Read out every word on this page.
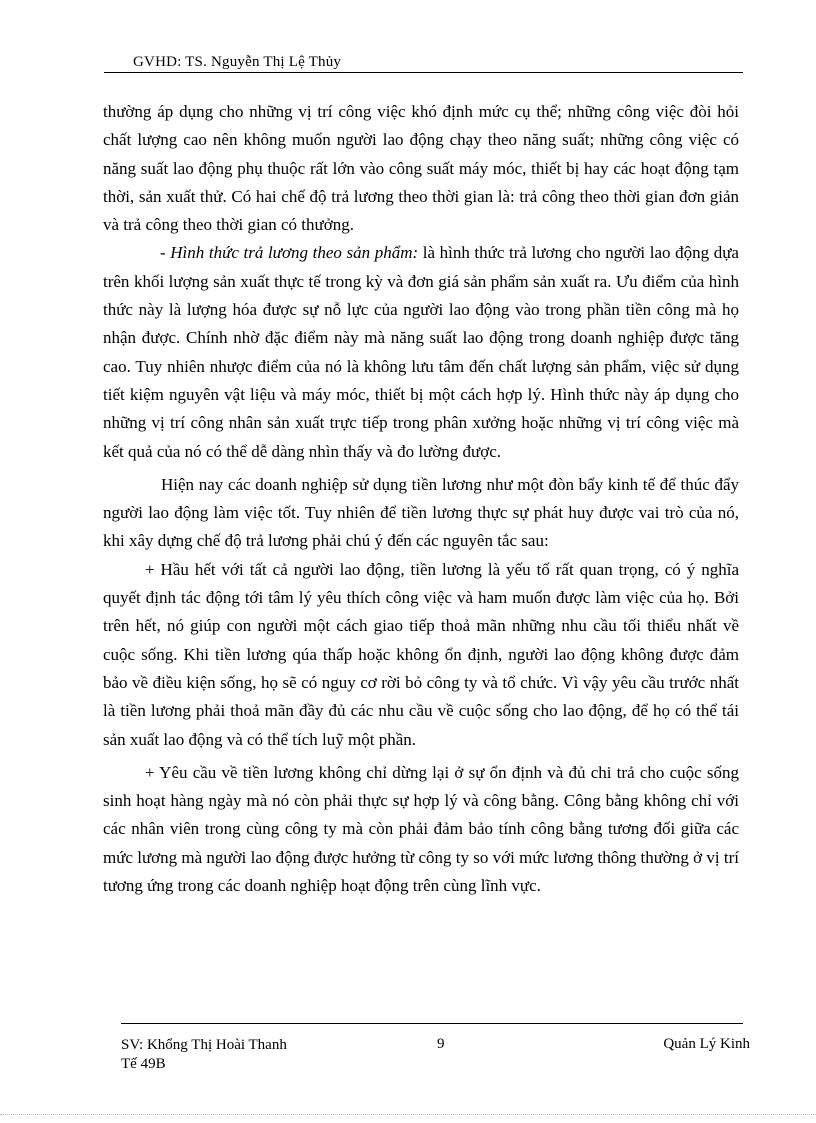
GVHD: TS. Nguyễn Thị Lệ Thủy

thường áp dụng cho những vị trí công việc khó định mức cụ thể; những công việc đòi hỏi chất lượng cao nên không muốn người lao động chạy theo năng suất; những công việc có năng suất lao động phụ thuộc rất lớn vào công suất máy móc, thiết bị hay các hoạt động tạm thời, sản xuất thử. Có hai chế độ trả lương theo thời gian là: trả công theo thời gian đơn giản và trả công theo thời gian có thưởng.

- Hình thức trả lương theo sản phẩm: là hình thức trả lương cho người lao động dựa trên khối lượng sản xuất thực tế trong kỳ và đơn giá sản phẩm sản xuất ra. Ưu điểm của hình thức này là lượng hóa được sự nỗ lực của người lao động vào trong phần tiền công mà họ nhận được. Chính nhờ đặc điểm này mà năng suất lao động trong doanh nghiệp được tăng cao. Tuy nhiên nhược điểm của nó là không lưu tâm đến chất lượng sản phẩm, việc sử dụng tiết kiệm nguyên vật liệu và máy móc, thiết bị một cách hợp lý. Hình thức này áp dụng cho những vị trí công nhân sản xuất trực tiếp trong phân xưởng hoặc những vị trí công việc mà kết quả của nó có thể dễ dàng nhìn thấy và đo lường được.

Hiện nay các doanh nghiệp sử dụng tiền lương như một đòn bẩy kinh tế để thúc đẩy người lao động làm việc tốt. Tuy nhiên để tiền lương thực sự phát huy được vai trò của nó, khi xây dựng chế độ trả lương phải chú ý đến các nguyên tắc sau:

+ Hầu hết với tất cả người lao động, tiền lương là yếu tố rất quan trọng, có ý nghĩa quyết định tác động tới tâm lý yêu thích công việc và ham muốn được làm việc của họ. Bởi trên hết, nó giúp con người một cách giao tiếp thoả mãn những nhu cầu tối thiểu nhất về cuộc sống. Khi tiền lương qúa thấp hoặc không ổn định, người lao động không được đảm bảo về điều kiện sống, họ sẽ có nguy cơ rời bỏ công ty và tổ chức. Vì vậy yêu cầu trước nhất là tiền lương phải thoả mãn đầy đủ các nhu cầu về cuộc sống cho lao động, để họ có thể tái sản xuất lao động và có thể tích luỹ một phần.

+ Yêu cầu về tiền lương không chỉ dừng lại ở sự ổn định và đủ chi trả cho cuộc sống sinh hoạt hàng ngày mà nó còn phải thực sự hợp lý và công bằng. Công bằng không chỉ với các nhân viên trong cùng công ty mà còn phải đảm bảo tính công bằng tương đối giữa các mức lương mà người lao động được hưởng từ công ty so với mức lương thông thường ở vị trí tương ứng trong các doanh nghiệp hoạt động trên cùng lĩnh vực.

SV: Khổng Thị Hoài Thanh
Tế 49B
9	Quản Lý Kinh
